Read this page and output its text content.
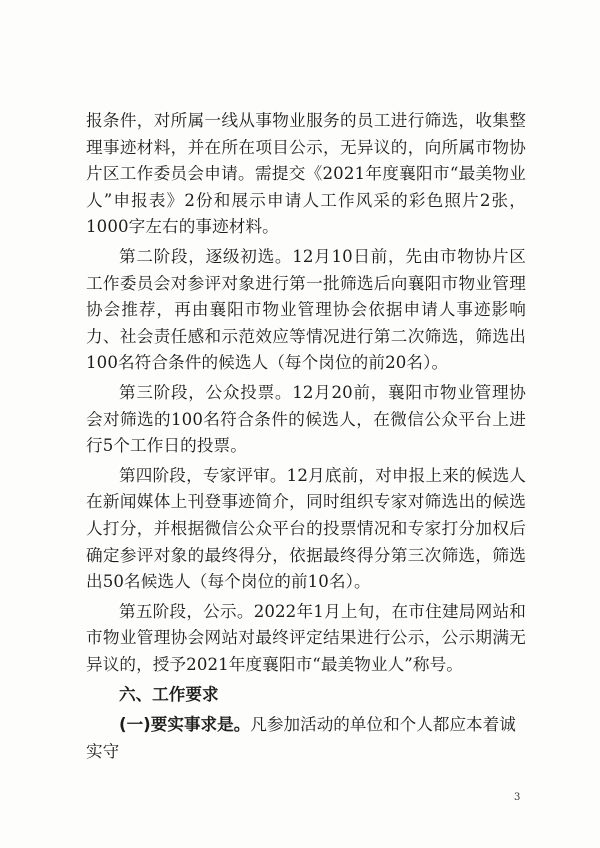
报条件，对所属一线从事物业服务的员工进行筛选，收集整理事迹材料，并在所在项目公示，无异议的，向所属市物协片区工作委员会申请。需提交《2021年度襄阳市“最美物业人”申报表》2份和展示申请人工作风采的彩色照片2张，1000字左右的事迹材料。

第二阶段，逐级初选。12月10日前，先由市物协片区工作委员会对参评对象进行第一批筛选后向襄阳市物业管理协会推荐，再由襄阳市物业管理协会依据申请人事迹影响力、社会责任感和示范效应等情况进行第二次筛选，筛选出100名符合条件的候选人（每个岗位的前20名）。

第三阶段，公众投票。12月20前，襄阳市物业管理协会对筛选的100名符合条件的候选人，在微信公众平台上进行5个工作日的投票。

第四阶段，专家评审。12月底前，对申报上来的候选人在新闻媒体上刊登事迹简介，同时组织专家对筛选出的候选人打分，并根据微信公众平台的投票情况和专家打分加权后确定参评对象的最终得分，依据最终得分第三次筛选，筛选出50名候选人（每个岗位的前10名）。

第五阶段，公示。2022年1月上旬，在市住建局网站和市物业管理协会网站对最终评定结果进行公示，公示期满无异议的，授予2021年度襄阳市“最美物业人”称号。

六、工作要求

(一)要实事求是。凡参加活动的单位和个人都应本着诚实守

3
